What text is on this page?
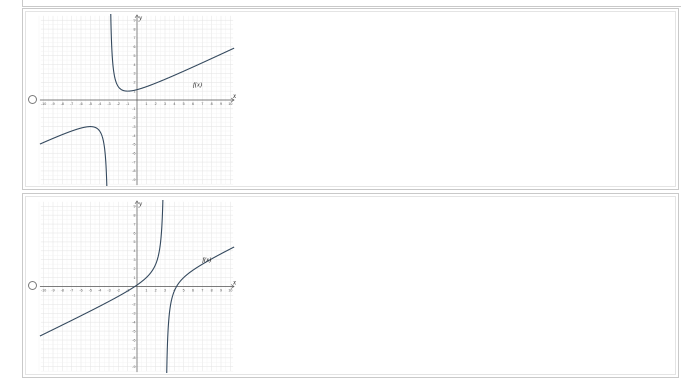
x
y
-10 -9 -8 -7 -6 -5 -4 -3 -2 -1	1 2 3 4 5 6 7 8 9 10
9
8
7
6
5
4
3
2
1
-1
-2
-3
-4
-5
-6
-7
-8
-9
f(x)
x
y
-10 -9 -8 -7 -6 -5 -4 -3 -2 -1	1 2 3 4 5 6 7 8 9 10
9
8
7
6
5
4
3
2
1
-1
-2
-3
-4
-5
-6
-7
-8
-9
f(x)
